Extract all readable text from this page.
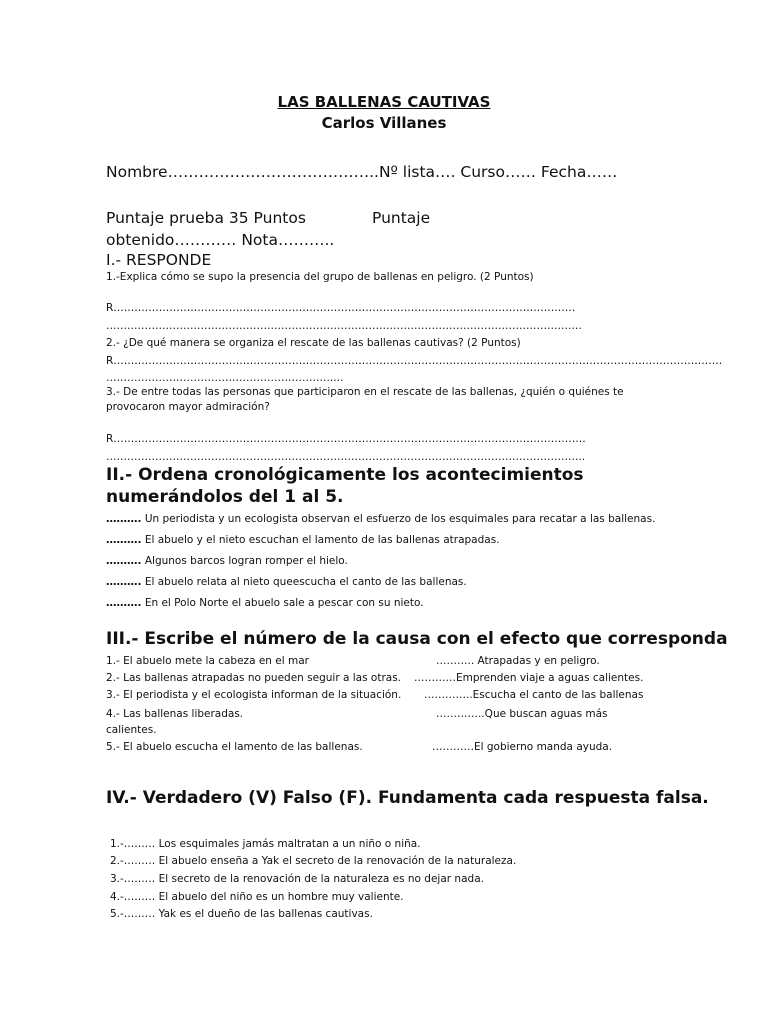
LAS BALLENAS CAUTIVAS
Carlos Villanes
Nombre…………………………………..Nº lista…. Curso…… Fecha……
Puntaje prueba 35 Puntos	Puntaje
obtenido………… Nota………..
I.- RESPONDE
1.-Explica cómo se supo la presencia del grupo de ballenas en peligro. (2 Puntos)
R……………………………………………………………………………………………………………………
…………………………………………………………………………………………………………………….…
2.- ¿De qué manera se organiza el rescate de las ballenas cautivas? (2 Puntos)
R…………………………………………………………………………………………………………………………………………………………
………………………………………………………..…
3.- De entre todas las personas que participaron en el rescate de las ballenas, ¿quién o quiénes te
provocaron mayor admiración?
R………………………………………………………………………………………………………………………
………………………………………………………………………………………………………………………..
II.- Ordena cronológicamente los acontecimientos
numerándolos del 1 al 5.
………. Un periodista y un ecologista observan el esfuerzo de los esquimales para recatar a las ballenas.
………. El abuelo y el nieto escuchan el lamento de las ballenas atrapadas.
………. Algunos barcos logran romper el hielo.
………. El abuelo relata al nieto queescucha el canto de las ballenas.
………. En el Polo Norte el abuelo sale a pescar con su nieto.
III.- Escribe el número de la causa con el efecto que corresponda
1.- El abuelo mete la cabeza en el mar	……….. Atrapadas y en peligro.
2.- Las ballenas atrapadas no pueden seguir a las otras. …………Emprenden viaje a aguas calientes.
3.- El periodista y el ecologista informan de la situación. …………..Escucha el canto de las ballenas
4.- Las ballenas liberadas.	…………..Que buscan aguas más
calientes.
5.- El abuelo escucha el lamento de las ballenas.	…………El gobierno manda ayuda.
IV.- Verdadero (V) Falso (F). Fundamenta cada respuesta falsa.
1.-……… Los esquimales jamás maltratan a un niño o niña.
2.-……… El abuelo enseña a Yak el secreto de la renovación de la naturaleza.
3.-……… El secreto de la renovación de la naturaleza es no dejar nada.
4.-……… El abuelo del niño es un hombre muy valiente.
5.-……… Yak es el dueño de las ballenas cautivas.
